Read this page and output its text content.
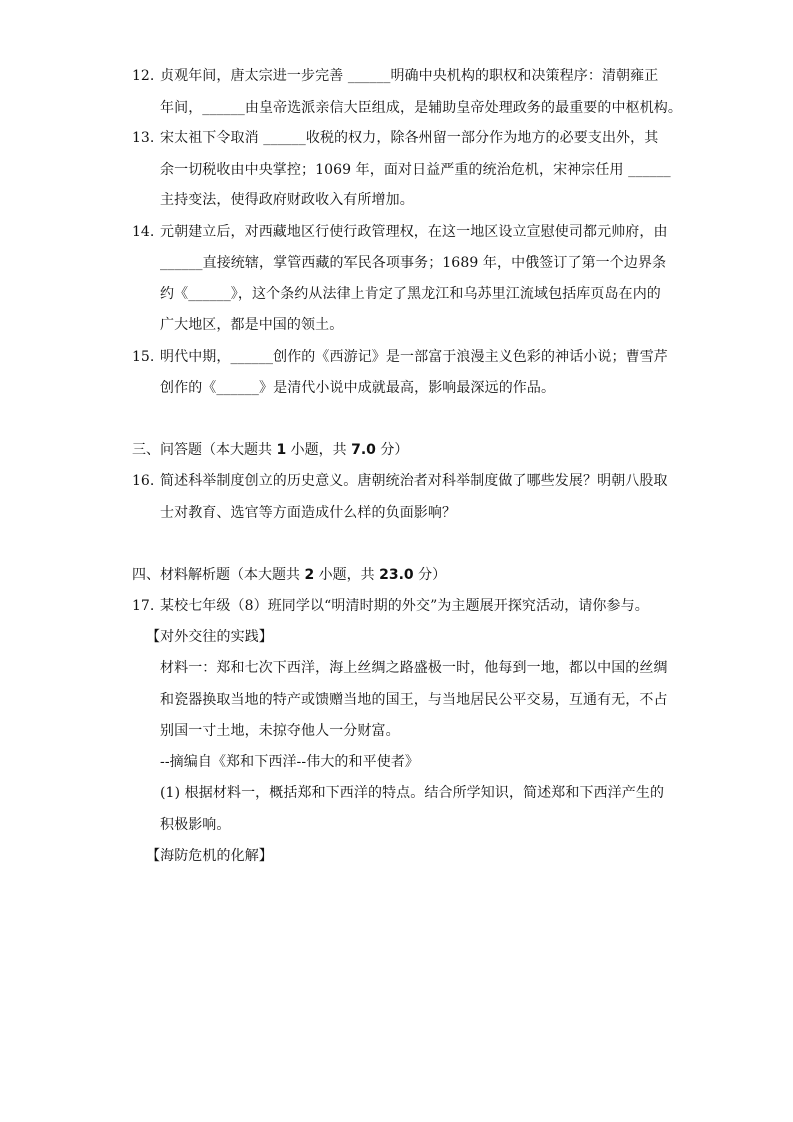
12. 贞观年间，唐太宗进一步完善 ______明确中央机构的职权和决策程序：清朝雍正
年间，______由皇帝选派亲信大臣组成，是辅助皇帝处理政务的最重要的中枢机构。
13. 宋太祖下令取消 ______收税的权力，除各州留一部分作为地方的必要支出外，其
余一切税收由中央掌控；1069 年，面对日益严重的统治危机，宋神宗任用 ______
主持变法，使得政府财政收入有所增加。
14. 元朝建立后，对西藏地区行使行政管理权，在这一地区设立宣慰使司都元帅府，由
______直接统辖，掌管西藏的军民各项事务；1689 年，中俄签订了第一个边界条
约《______》，这个条约从法律上肯定了黑龙江和乌苏里江流域包括库页岛在内的
广大地区，都是中国的领土。
15. 明代中期，______创作的《西游记》是一部富于浪漫主义色彩的神话小说；曹雪芹
创作的《______》是清代小说中成就最高，影响最深远的作品。
三、问答题（本大题共 1 小题，共 7.0 分）
16. 简述科举制度创立的历史意义。唐朝统治者对科举制度做了哪些发展？明朝八股取
士对教育、选官等方面造成什么样的负面影响？
四、材料解析题（本大题共 2 小题，共 23.0 分）
17. 某校七年级（8）班同学以“明清时期的外交”为主题展开探究活动，请你参与。
【对外交往的实践】
材料一：郑和七次下西洋，海上丝绸之路盛极一时，他每到一地，都以中国的丝绸
和瓷器换取当地的特产或馈赠当地的国王，与当地居民公平交易，互通有无，不占
别国一寸土地，未掠夺他人一分财富。
--摘编自《郑和下西洋--伟大的和平使者》
(1) 根据材料一，概括郑和下西洋的特点。结合所学知识，简述郑和下西洋产生的
积极影响。
【海防危机的化解】
